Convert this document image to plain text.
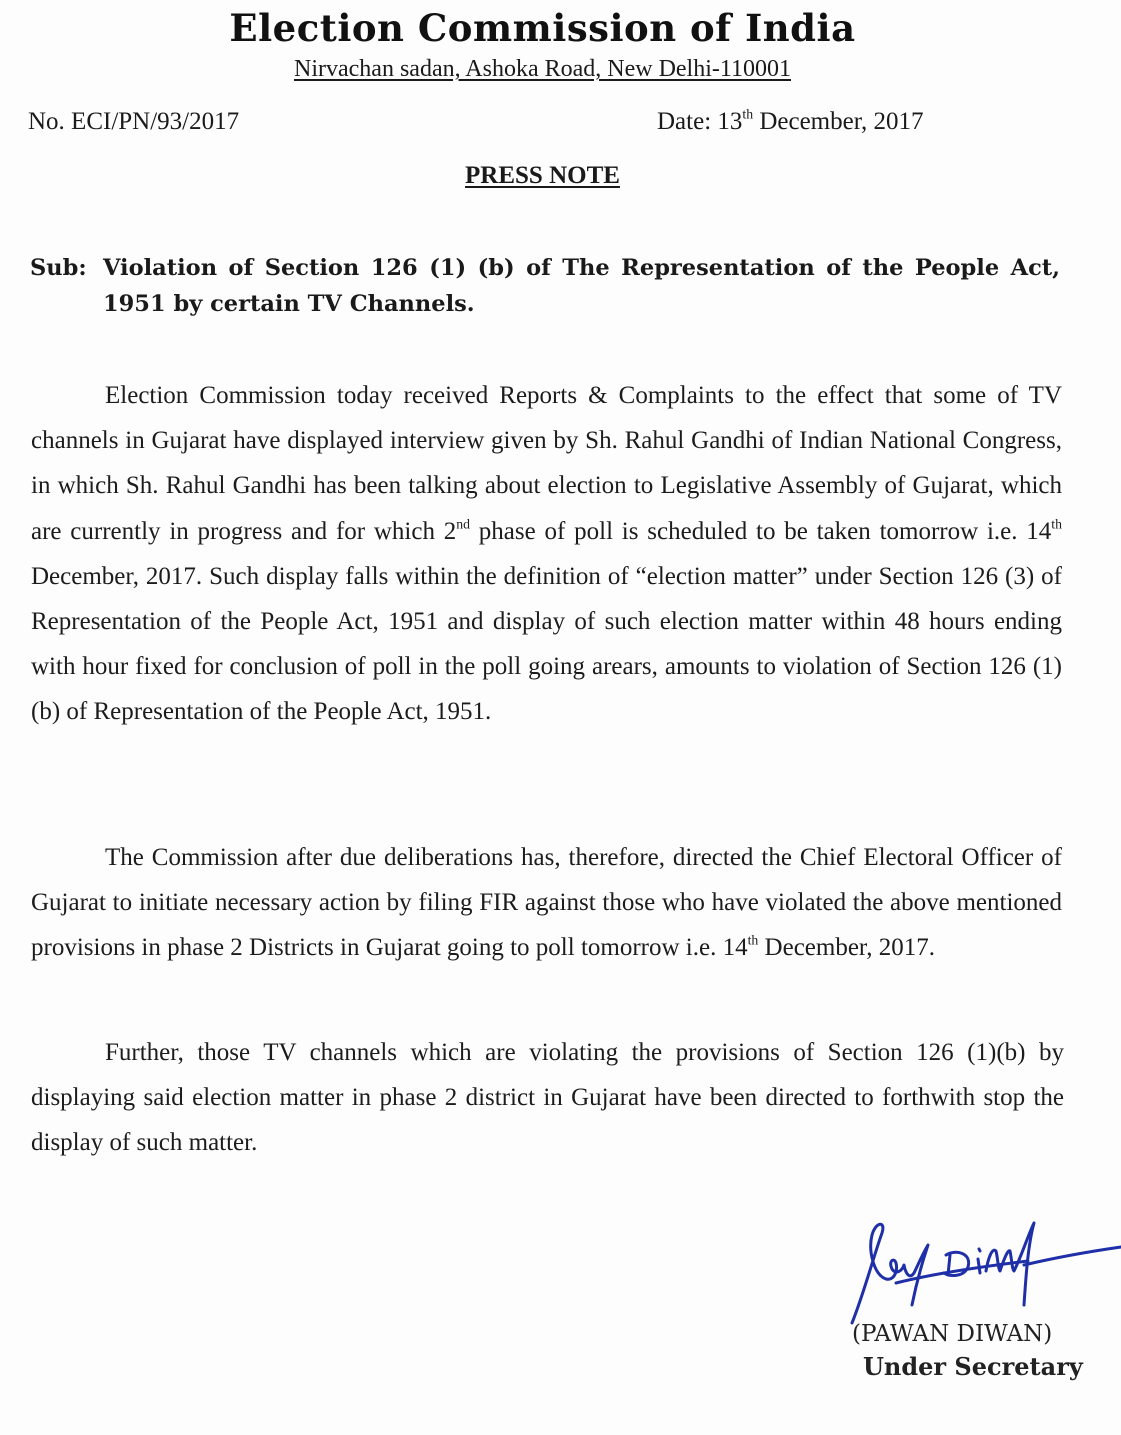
Election Commission of India
Nirvachan sadan, Ashoka Road, New Delhi-110001
No. ECI/PN/93/2017	Date: 13th December, 2017
PRESS NOTE
Sub: Violation of Section 126 (1) (b) of The Representation of the People Act, 1951 by certain TV Channels.

Election Commission today received Reports & Complaints to the effect that some of TV channels in Gujarat have displayed interview given by Sh. Rahul Gandhi of Indian National Congress, in which Sh. Rahul Gandhi has been talking about election to Legislative Assembly of Gujarat, which are currently in progress and for which 2nd phase of poll is scheduled to be taken tomorrow i.e. 14th December, 2017. Such display falls within the definition of “election matter” under Section 126 (3) of Representation of the People Act, 1951 and display of such election matter within 48 hours ending with hour fixed for conclusion of poll in the poll going arears, amounts to violation of Section 126 (1)(b) of Representation of the People Act, 1951.

The Commission after due deliberations has, therefore, directed the Chief Electoral Officer of Gujarat to initiate necessary action by filing FIR against those who have violated the above mentioned provisions in phase 2 Districts in Gujarat going to poll tomorrow i.e. 14th December, 2017.

Further, those TV channels which are violating the provisions of Section 126 (1)(b) by displaying said election matter in phase 2 district in Gujarat have been directed to forthwith stop the display of such matter.

(PAWAN DIWAN)
Under Secretary
